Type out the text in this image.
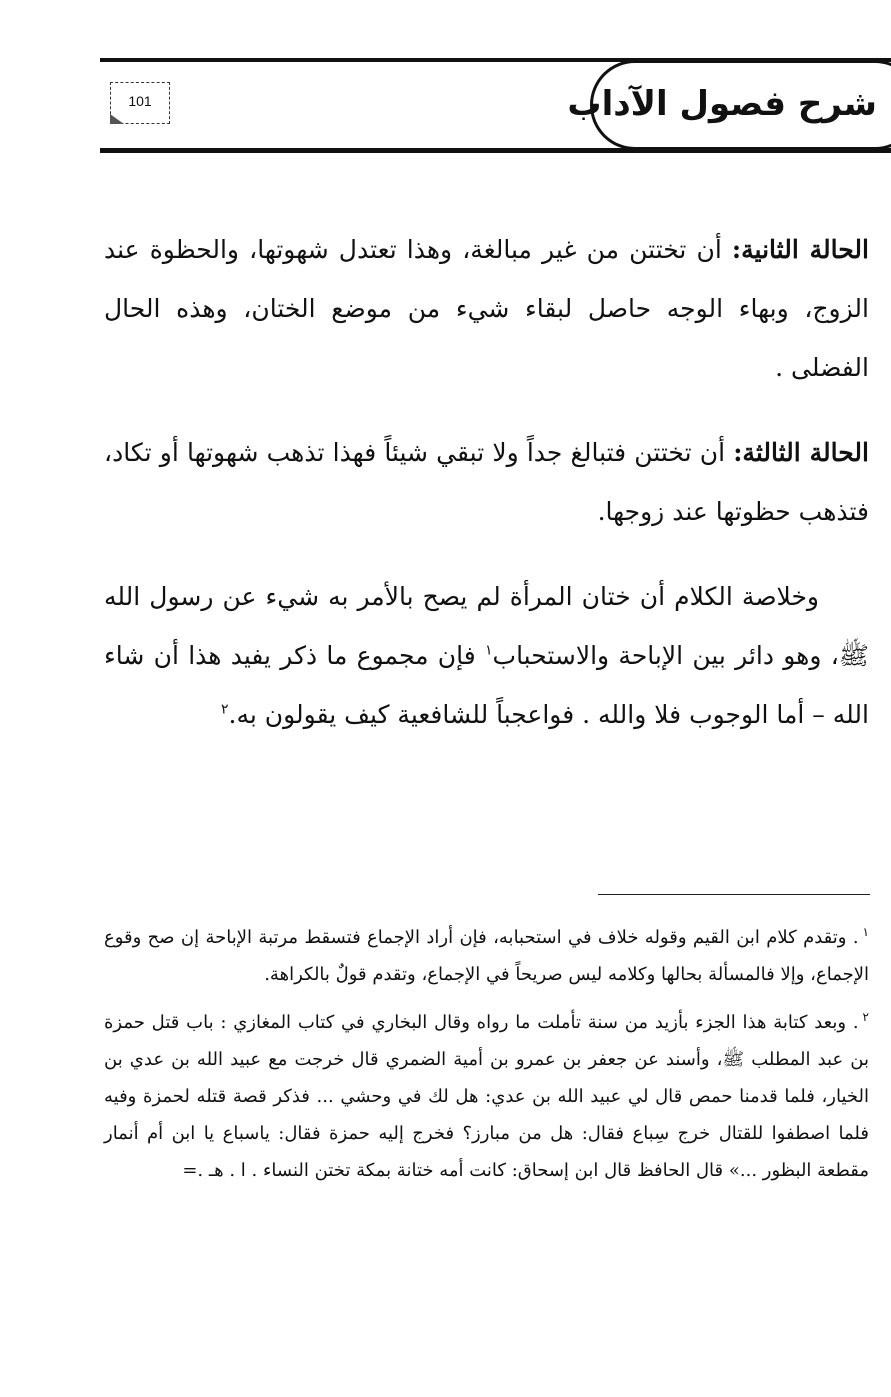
شرح فصول الآداب
101

الحالة الثانية: أن تختتن من غير مبالغة، وهذا تعتدل شهوتها، والحظوة عند الزوج، وبهاء الوجه حاصل لبقاء شيء من موضع الختان، وهذه الحال الفضلى .

الحالة الثالثة: أن تختتن فتبالغ جداً ولا تبقي شيئاً فهذا تذهب شهوتها أو تكاد، فتذهب حظوتها عند زوجها.

وخلاصة الكلام أن ختان المرأة لم يصح بالأمر به شيء عن رسول الله ﷺ، وهو دائر بين الإباحة والاستحباب$^١$ فإن مجموع ما ذكر يفيد هذا أن شاء الله – أما الوجوب فلا والله . فواعجباً للشافعية كيف يقولون به.$^٢$

$^١$. وتقدم كلام ابن القيم وقوله خلاف في استحبابه، فإن أراد الإجماع فتسقط مرتبة الإباحة إن صح وقوع الإجماع، وإلا فالمسألة بحالها وكلامه ليس صريحاً في الإجماع، وتقدم قولٌ بالكراهة.

$^٢$. وبعد كتابة هذا الجزء بأزيد من سنة تأملت ما رواه وقال البخاري في كتاب المغازي : باب قتل حمزة بن عبد المطلب ﷺ، وأسند عن جعفر بن عمرو بن أمية الضمري قال خرجت مع عبيد الله بن عدي بن الخيار، فلما قدمنا حمص قال لي عبيد الله بن عدي: هل لك في وحشي ... فذكر قصة قتله لحمزة وفيه فلما اصطفوا للقتال خرج سِباع فقال: هل من مبارز؟ فخرج إليه حمزة فقال: ياسباع يا ابن أم أنمار مقطعة البظور ...» قال الحافظ قال ابن إسحاق: كانت أمه ختانة بمكة تختن النساء . ا . هـ .=
